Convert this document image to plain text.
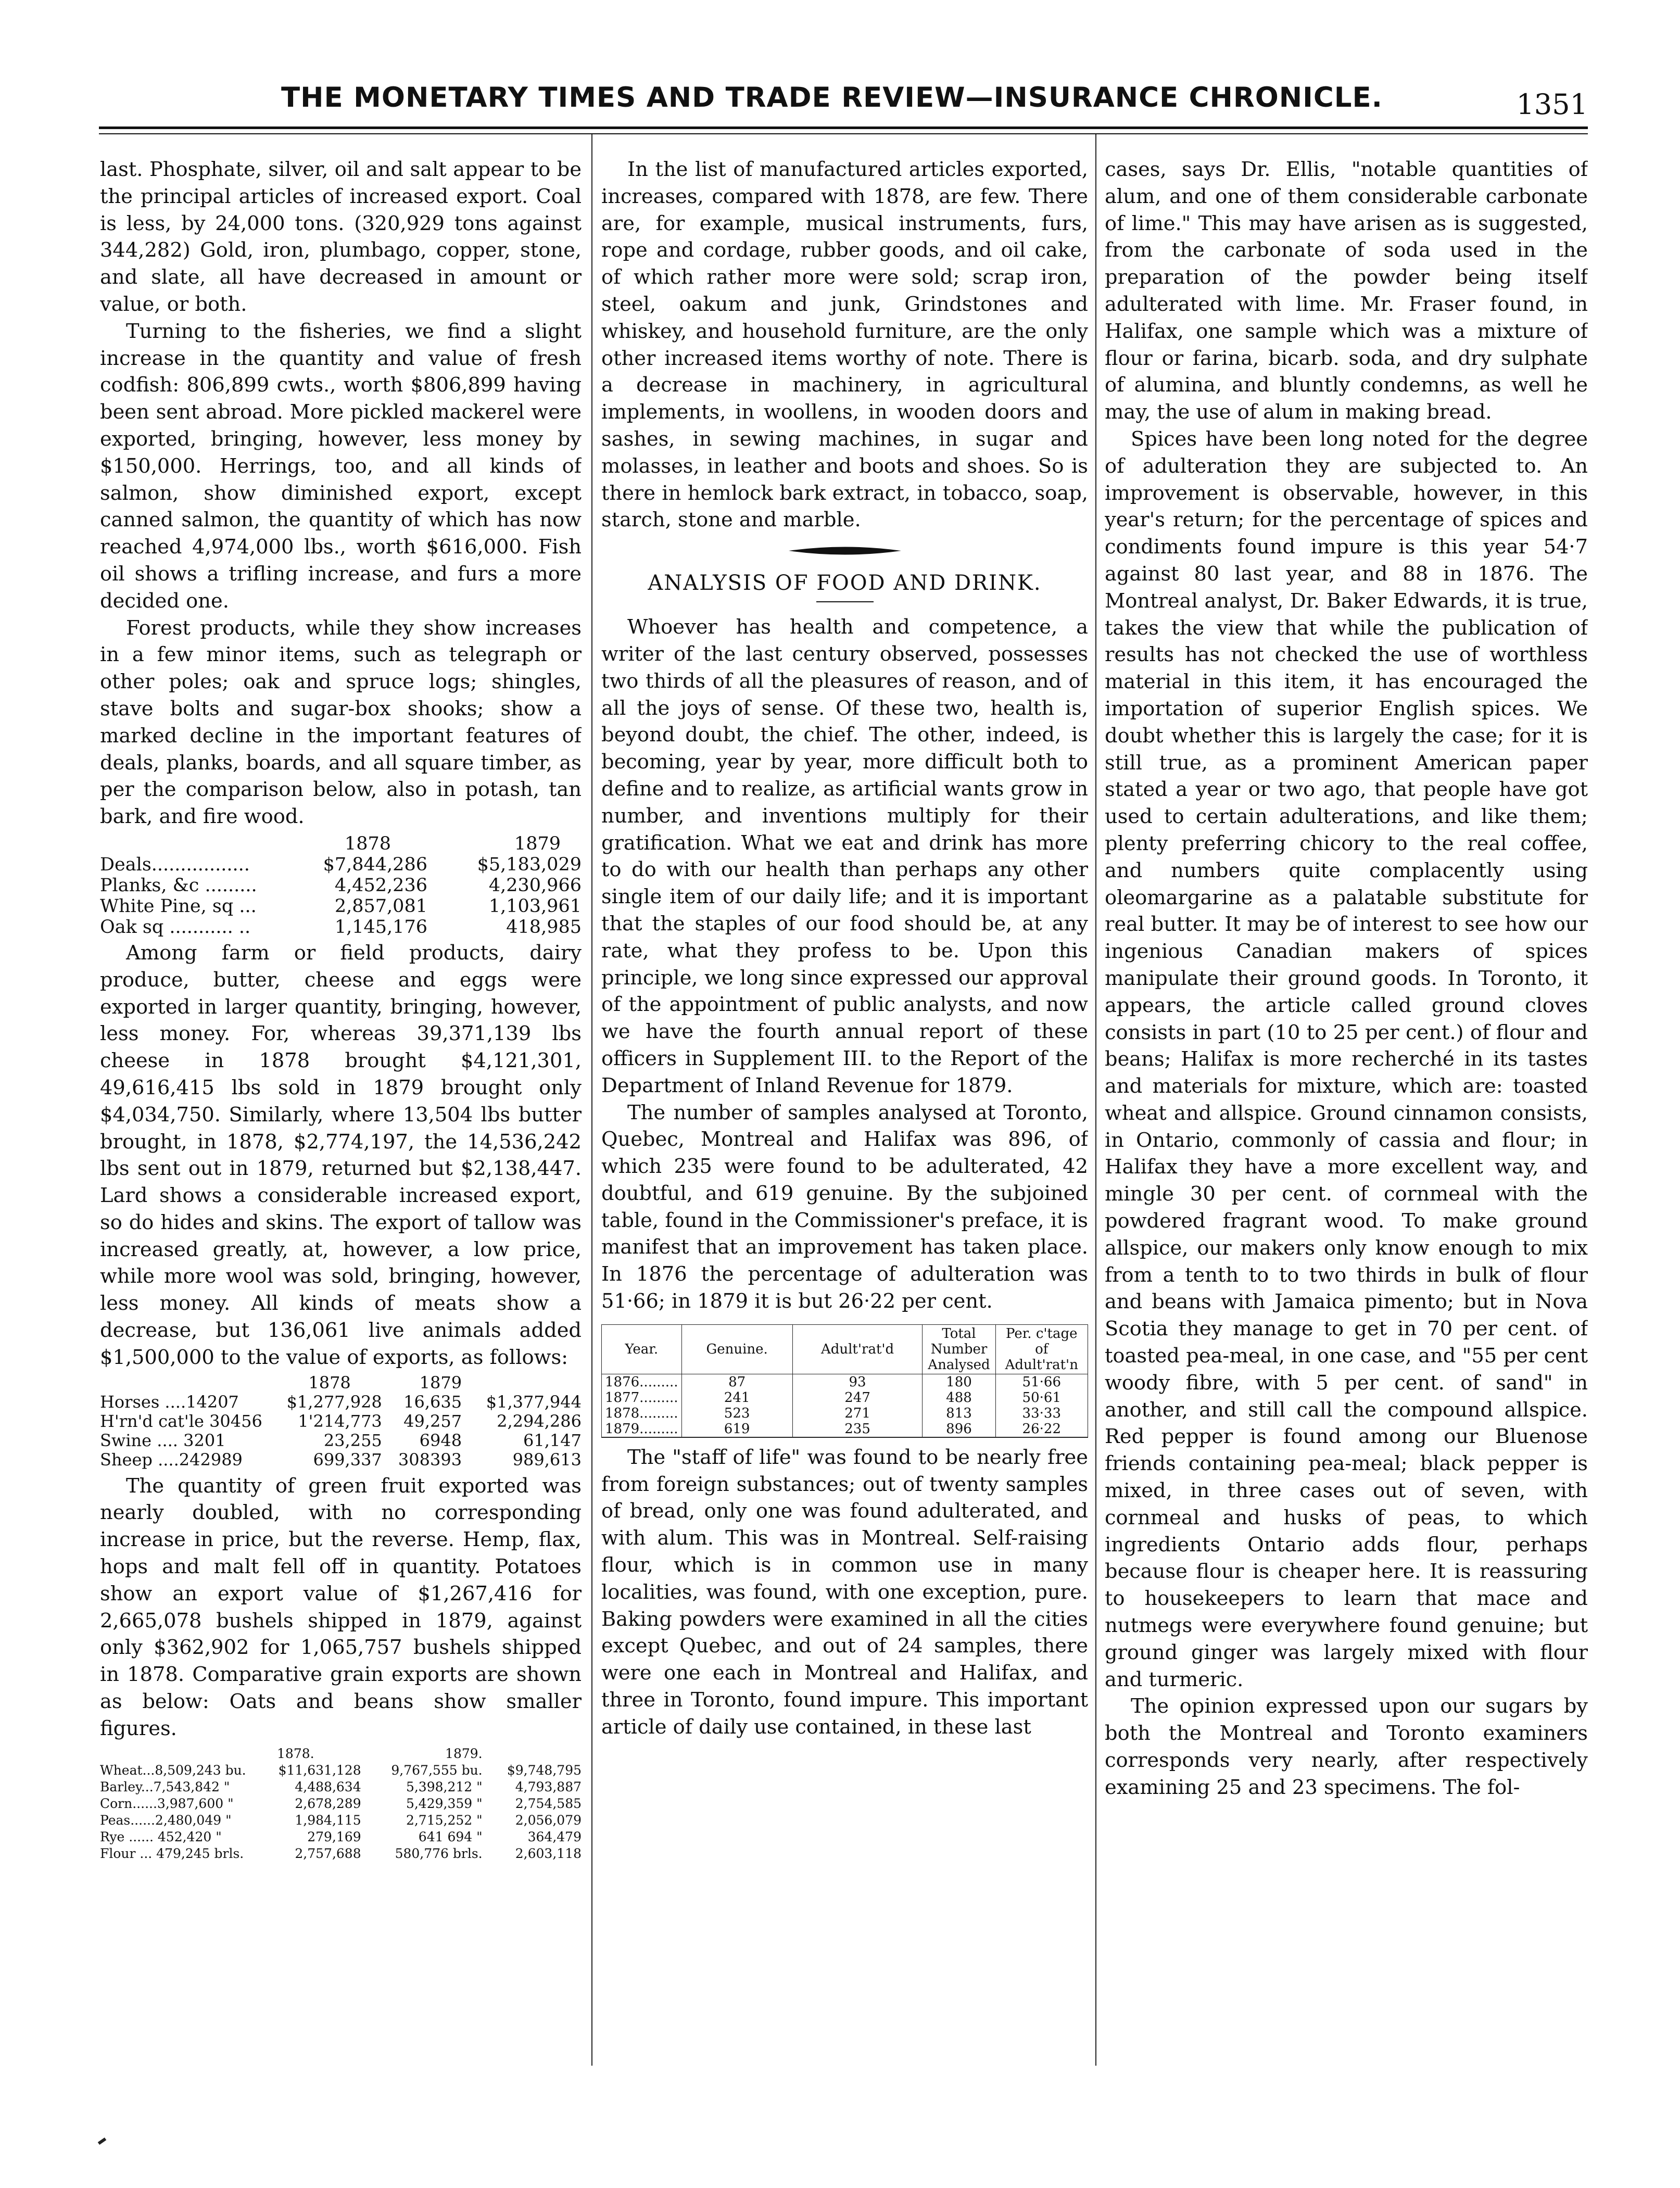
THE MONETARY TIMES AND TRADE REVIEW—INSURANCE CHRONICLE.	1351

last. Phosphate, silver, oil and salt appear to be the principal articles of increased export. Coal is less, by 24,000 tons. (320,929 tons against 344,282) Gold, iron, plumbago, copper, stone, and slate, all have decreased in amount or value, or both.

Turning to the fisheries, we find a slight increase in the quantity and value of fresh codfish: 806,899 cwts., worth $806,899 having been sent abroad. More pickled mackerel were exported, bringing, however, less money by $150,000. Herrings, too, and all kinds of salmon, show diminished export, except canned salmon, the quantity of which has now reached 4,974,000 lbs., worth $616,000. Fish oil shows a trifling increase, and furs a more decided one.

Forest products, while they show increases in a few minor items, such as telegraph or other poles; oak and spruce logs; shingles, stave bolts and sugar-box shooks; show a marked decline in the important features of deals, planks, boards, and all square timber, as per the comparison below, also in potash, tan bark, and fire wood.

	1878	1879
Deals.................	$7,844,286	$5,183,029
Planks, &c .........	4,452,236	4,230,966
White Pine, sq ...	2,857,081	1,103,961
Oak sq ........... ..	1,145,176	418,985

Among farm or field products, dairy produce, butter, cheese and eggs were exported in larger quantity, bringing, however, less money. For, whereas 39,371,139 lbs cheese in 1878 brought $4,121,301, 49,616,415 lbs sold in 1879 brought only $4,034,750. Similarly, where 13,504 lbs butter brought, in 1878, $2,774,197, the 14,536,242 lbs sent out in 1879, returned but $2,138,447. Lard shows a considerable increased export, so do hides and skins. The export of tallow was increased greatly, at, however, a low price, while more wool was sold, bringing, however, less money. All kinds of meats show a decrease, but 136,061 live animals added $1,500,000 to the value of exports, as follows:

	1878	1879	
Horses ....14207	$1,277,928	16,635	$1,377,944
H'rn'd cat'le 30456	1'214,773	49,257	2,294,286
Swine .... 3201	23,255	6948	61,147
Sheep ....242989	699,337	308393	989,613

The quantity of green fruit exported was nearly doubled, with no corresponding increase in price, but the reverse. Hemp, flax, hops and malt fell off in quantity. Potatoes show an export value of $1,267,416 for 2,665,078 bushels shipped in 1879, against only $362,902 for 1,065,757 bushels shipped in 1878. Comparative grain exports are shown as below: Oats and beans show smaller figures.

	1878.	1879.	
Wheat...8,509,243 bu.	$11,631,128	9,767,555 bu.	$9,748,795
Barley...7,543,842 "	4,488,634	5,398,212 "	4,793,887
Corn......3,987,600 "	2,678,289	5,429,359 "	2,754,585
Peas......2,480,049 "	1,984,115	2,715,252 "	2,056,079
Rye ...... 452,420 "	279,169	641 694 "	364,479
Flour ... 479,245 brls.	2,757,688	580,776 brls.	2,603,118

In the list of manufactured articles exported, increases, compared with 1878, are few. There are, for example, musical instruments, furs, rope and cordage, rubber goods, and oil cake, of which rather more were sold; scrap iron, steel, oakum and junk, Grindstones and whiskey, and household furniture, are the only other increased items worthy of note. There is a decrease in machinery, in agricultural implements, in woollens, in wooden doors and sashes, in sewing machines, in sugar and molasses, in leather and boots and shoes. So is there in hemlock bark extract, in tobacco, soap, starch, stone and marble.

ANALYSIS OF FOOD AND DRINK.

Whoever has health and competence, a writer of the last century observed, possesses two thirds of all the pleasures of reason, and of all the joys of sense. Of these two, health is, beyond doubt, the chief. The other, indeed, is becoming, year by year, more difficult both to define and to realize, as artificial wants grow in number, and inventions multiply for their gratification. What we eat and drink has more to do with our health than perhaps any other single item of our daily life; and it is important that the staples of our food should be, at any rate, what they profess to be. Upon this principle, we long since expressed our approval of the appointment of public analysts, and now we have the fourth annual report of these officers in Supplement III. to the Report of the Department of Inland Revenue for 1879.

The number of samples analysed at Toronto, Quebec, Montreal and Halifax was 896, of which 235 were found to be adulterated, 42 doubtful, and 619 genuine. By the subjoined table, found in the Commissioner's preface, it is manifest that an improvement has taken place. In 1876 the percentage of adulteration was 51·66; in 1879 it is but 26·22 per cent.

Year.	Genuine.	Adult'rat'd	Total Number Analysed	Per. c'tage of Adult'rat'n
1876.........	87	93	180	51·66
1877.........	241	247	488	50·61
1878.........	523	271	813	33·33
1879.........	619	235	896	26·22

The "staff of life" was found to be nearly free from foreign substances; out of twenty samples of bread, only one was found adulterated, and with alum. This was in Montreal. Self-raising flour, which is in common use in many localities, was found, with one exception, pure. Baking powders were examined in all the cities except Quebec, and out of 24 samples, there were one each in Montreal and Halifax, and three in Toronto, found impure. This important article of daily use contained, in these last

cases, says Dr. Ellis, "notable quantities of alum, and one of them considerable carbonate of lime." This may have arisen as is suggested, from the carbonate of soda used in the preparation of the powder being itself adulterated with lime. Mr. Fraser found, in Halifax, one sample which was a mixture of flour or farina, bicarb. soda, and dry sulphate of alumina, and bluntly condemns, as well he may, the use of alum in making bread.

Spices have been long noted for the degree of adulteration they are subjected to. An improvement is observable, however, in this year's return; for the percentage of spices and condiments found impure is this year 54·7 against 80 last year, and 88 in 1876. The Montreal analyst, Dr. Baker Edwards, it is true, takes the view that while the publication of results has not checked the use of worthless material in this item, it has encouraged the importation of superior English spices. We doubt whether this is largely the case; for it is still true, as a prominent American paper stated a year or two ago, that people have got used to certain adulterations, and like them; plenty preferring chicory to the real coffee, and numbers quite complacently using oleomargarine as a palatable substitute for real butter. It may be of interest to see how our ingenious Canadian makers of spices manipulate their ground goods. In Toronto, it appears, the article called ground cloves consists in part (10 to 25 per cent.) of flour and beans; Halifax is more recherché in its tastes and materials for mixture, which are: toasted wheat and allspice. Ground cinnamon consists, in Ontario, commonly of cassia and flour; in Halifax they have a more excellent way, and mingle 30 per cent. of cornmeal with the powdered fragrant wood. To make ground allspice, our makers only know enough to mix from a tenth to to two thirds in bulk of flour and beans with Jamaica pimento; but in Nova Scotia they manage to get in 70 per cent. of toasted pea-meal, in one case, and "55 per cent woody fibre, with 5 per cent. of sand" in another, and still call the compound allspice. Red pepper is found among our Bluenose friends containing pea-meal; black pepper is mixed, in three cases out of seven, with cornmeal and husks of peas, to which ingredients Ontario adds flour, perhaps because flour is cheaper here. It is reassuring to housekeepers to learn that mace and nutmegs were everywhere found genuine; but ground ginger was largely mixed with flour and turmeric.

The opinion expressed upon our sugars by both the Montreal and Toronto examiners corresponds very nearly, after respectively examining 25 and 23 specimens. The fol-
